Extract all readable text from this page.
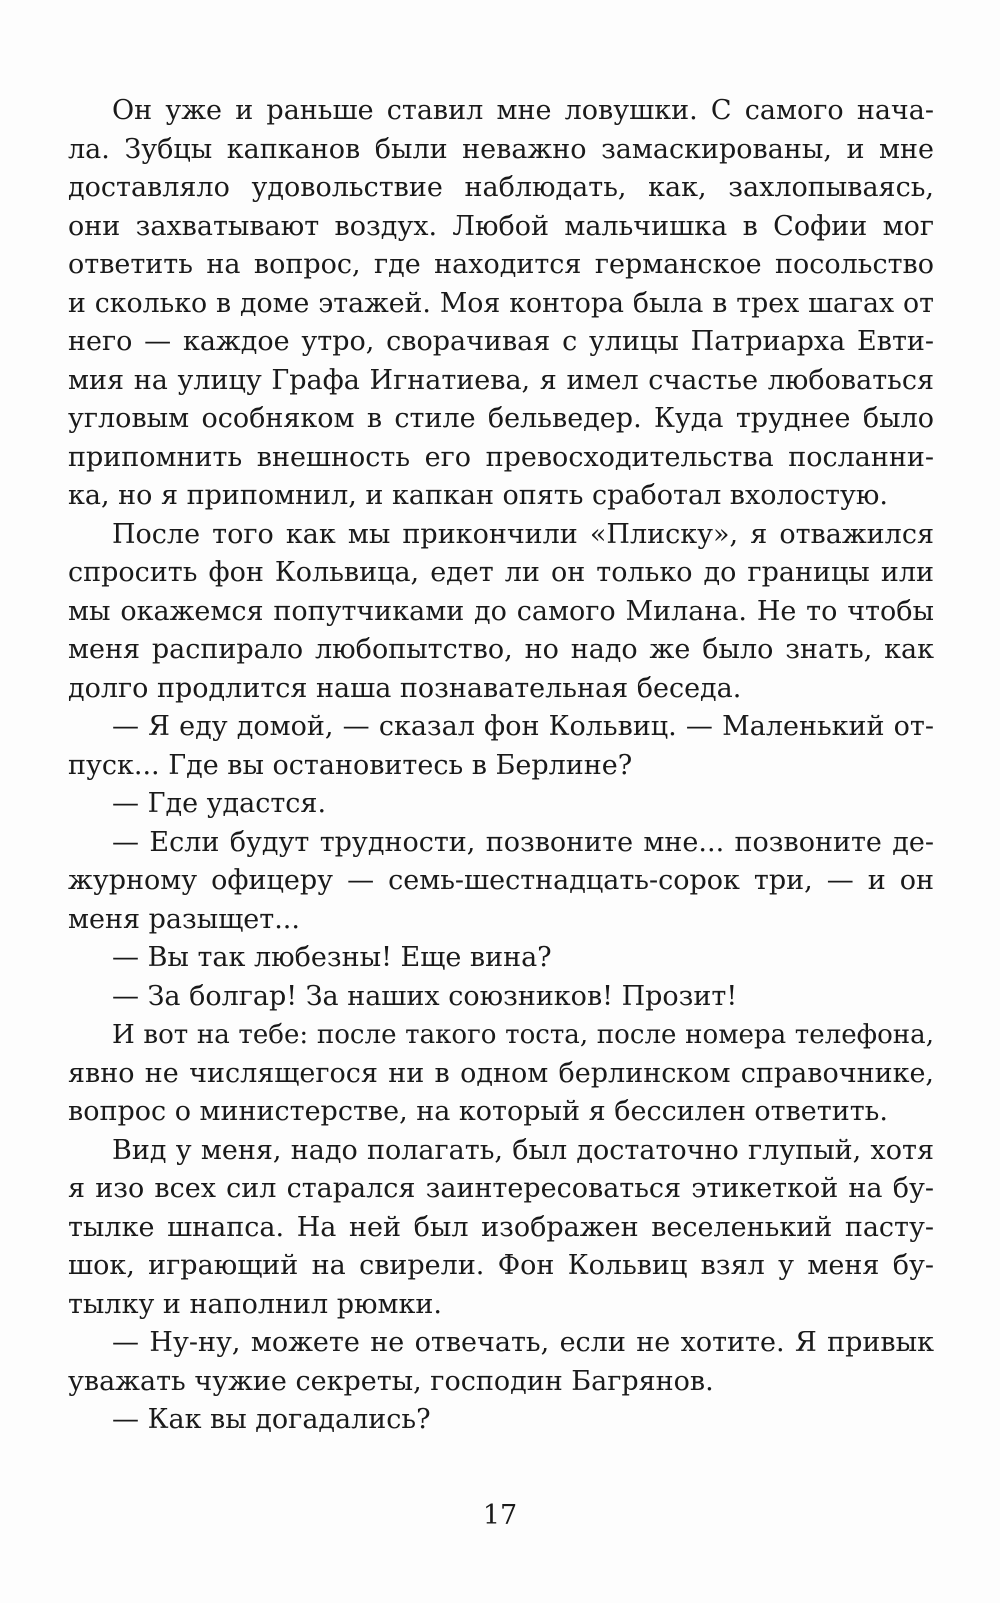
Он уже и раньше ставил мне ловушки. С самого нача-
ла. Зубцы капканов были неважно замаскированы, и мне
доставляло удовольствие наблюдать, как, захлопываясь,
они захватывают воздух. Любой мальчишка в Софии мог
ответить на вопрос, где находится германское посольство
и сколько в доме этажей. Моя контора была в трех шагах от
него — каждое утро, сворачивая с улицы Патриарха Евти-
мия на улицу Графа Игнатиева, я имел счастье любоваться
угловым особняком в стиле бельведер. Куда труднее было
припомнить внешность его превосходительства посланни-
ка, но я припомнил, и капкан опять сработал вхолостую.
После того как мы прикончили «Плиску», я отважился
спросить фон Кольвица, едет ли он только до границы или
мы окажемся попутчиками до самого Милана. Не то чтобы
меня распирало любопытство, но надо же было знать, как
долго продлится наша познавательная беседа.
— Я еду домой, — сказал фон Кольвиц. — Маленький от-
пуск... Где вы остановитесь в Берлине?
— Где удастся.
— Если будут трудности, позвоните мне... позвоните де-
журному офицеру — семь-шестнадцать-сорок три, — и он
меня разыщет...
— Вы так любезны! Еще вина?
— За болгар! За наших союзников! Прозит!
И вот на тебе: после такого тоста, после номера телефона,
явно не числящегося ни в одном берлинском справочнике,
вопрос о министерстве, на который я бессилен ответить.
Вид у меня, надо полагать, был достаточно глупый, хотя
я изо всех сил старался заинтересоваться этикеткой на бу-
тылке шнапса. На ней был изображен веселенький пасту-
шок, играющий на свирели. Фон Кольвиц взял у меня бу-
тылку и наполнил рюмки.
— Ну-ну, можете не отвечать, если не хотите. Я привык
уважать чужие секреты, господин Багрянов.
— Как вы догадались?
17
